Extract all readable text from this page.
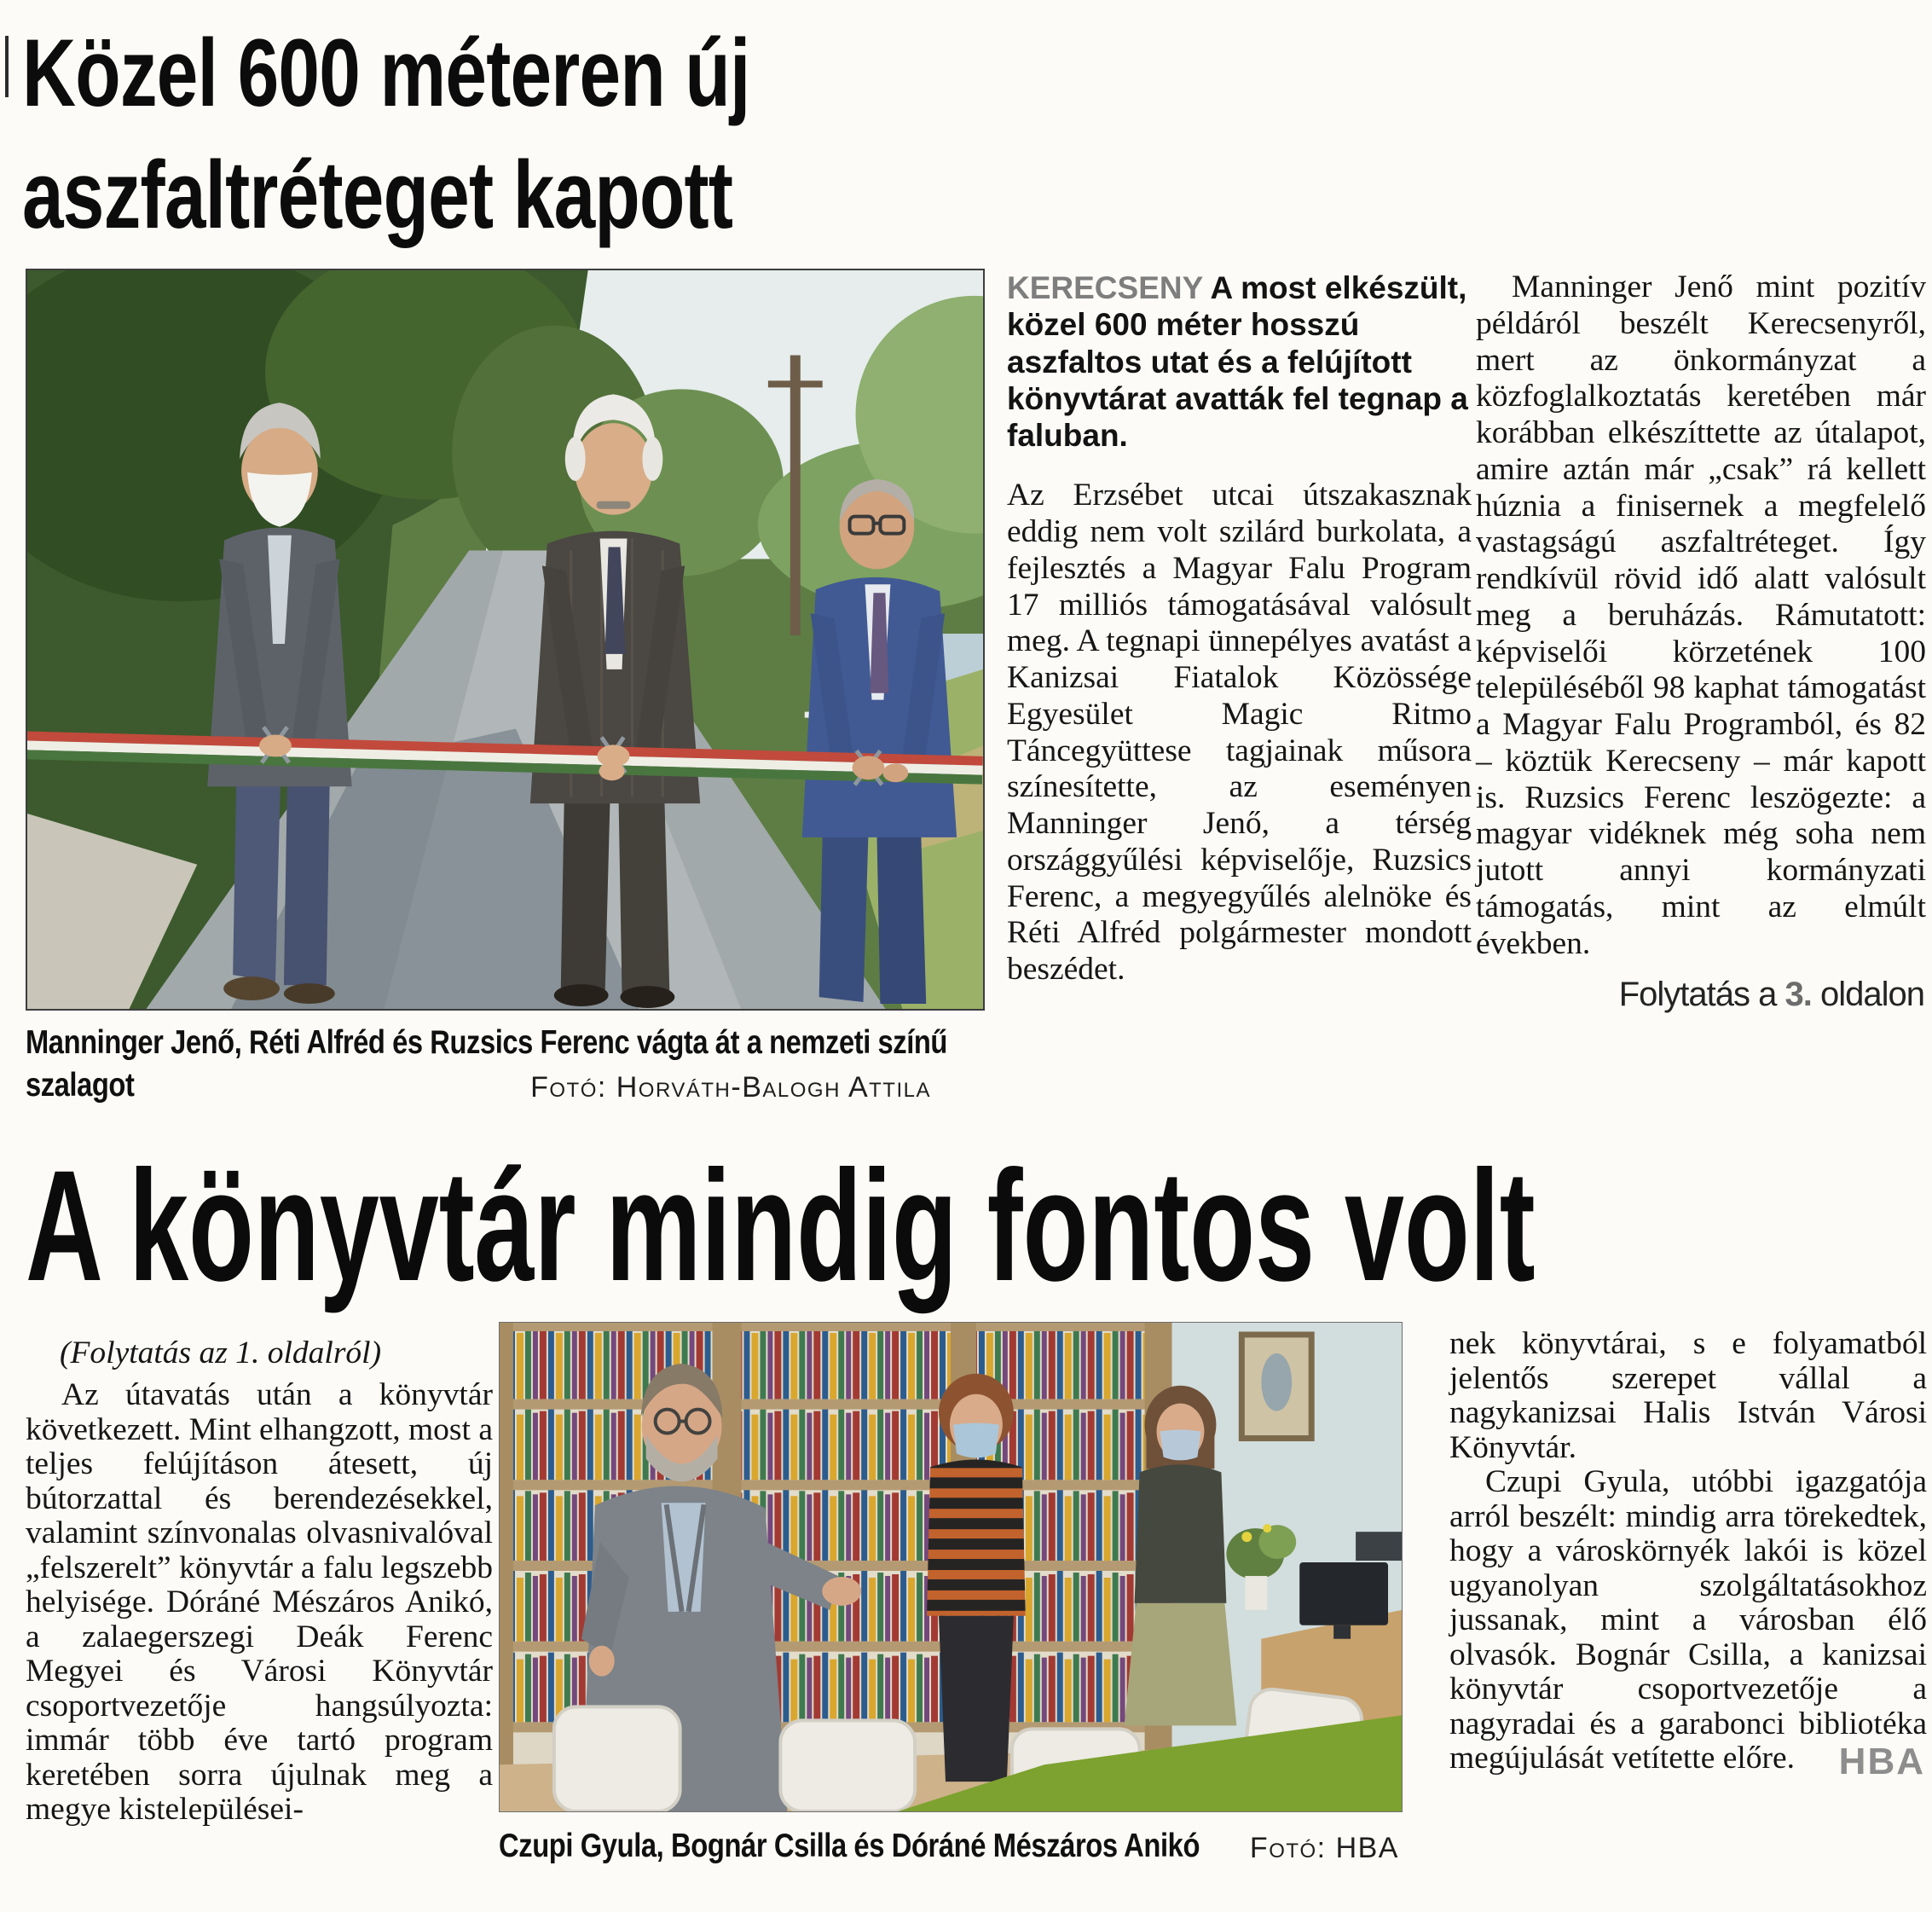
Közel 600 méteren új aszfaltréteget kapott
Manninger Jenő, Réti Alfréd és Ruzsics Ferenc vágta át a nemzeti színű szalagot	Fotó: Horváth-Balogh Attila

KERECSENY A most elkészült, közel 600 méter hosszú aszfaltos utat és a felújított könyvtárat avatták fel tegnap a faluban.

Az Erzsébet utcai útszakasznak eddig nem volt szilárd burkolata, a fejlesztés a Magyar Falu Program 17 milliós támogatásával valósult meg. A tegnapi ünnepélyes avatást a Kanizsai Fiatalok Közössége Egyesület Magic Ritmo Táncegyüttese tagjainak műsora színesítette, az eseményen Manninger Jenő, a térség országgyűlési képviselője, Ruzsics Ferenc, a megyegyűlés alelnöke és Réti Alfréd polgármester mondott beszédet.

Manninger Jenő mint pozitív példáról beszélt Kerecsenyről, mert az önkormányzat a közfoglalkoztatás keretében már korábban elkészíttette az útalapot, amire aztán már „csak” rá kellett húznia a finisernek a megfelelő vastagságú aszfaltréteget. Így rendkívül rövid idő alatt valósult meg a beruházás. Rámutatott: képviselői körzetének 100 településéből 98 kaphat támogatást a Magyar Falu Programból, és 82 – köztük Kerecseny – már kapott is. Ruzsics Ferenc leszögezte: a magyar vidéknek még soha nem jutott annyi kormányzati támogatás, mint az elmúlt években.

Folytatás a 3. oldalon

A könyvtár mindig fontos volt

(Folytatás az 1. oldalról)

Az útavatás után a könyvtár következett. Mint elhangzott, most a teljes felújításon átesett, új bútorzattal és berendezésekkel, valamint színvonalas olvasnivalóval „felszerelt” könyvtár a falu legszebb helyisége. Dóráné Mészáros Anikó, a zalaegerszegi Deák Ferenc Megyei és Városi Könyvtár csoportvezetője hangsúlyozta: immár több éve tartó program keretében sorra újulnak meg a megye kistelepülései-

Czupi Gyula, Bognár Csilla és Dóráné Mészáros Anikó	Fotó: HBA

nek könyvtárai, s e folyamatból jelentős szerepet vállal a nagykanizsai Halis István Városi Könyvtár.

Czupi Gyula, utóbbi igazgatója arról beszélt: mindig arra törekedtek, hogy a városkörnyék lakói is közel ugyanolyan szolgáltatásokhoz jussanak, mint a városban élő olvasók. Bognár Csilla, a kanizsai könyvtár csoportvezetője a nagyradai és a garabonci bibliotéka megújulását vetítette előre.	HBA
